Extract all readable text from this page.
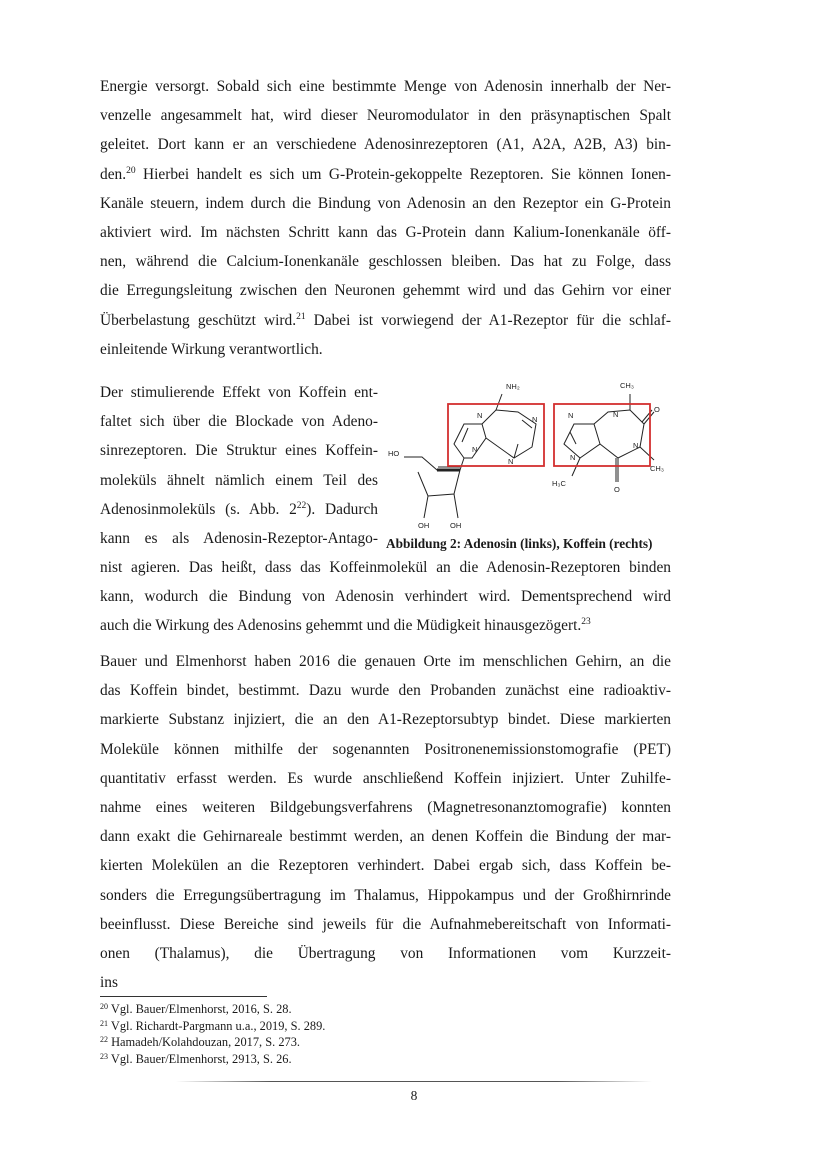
Energie versorgt. Sobald sich eine bestimmte Menge von Adenosin innerhalb der Ner-
venzelle angesammelt hat, wird dieser Neuromodulator in den präsynaptischen Spalt
geleitet. Dort kann er an verschiedene Adenosinrezeptoren (A1, A2A, A2B, A3) bin-
den.$^{20}$ Hierbei handelt es sich um G-Protein-gekoppelte Rezeptoren. Sie können Ionen-
Kanäle steuern, indem durch die Bindung von Adenosin an den Rezeptor ein G-Protein
aktiviert wird. Im nächsten Schritt kann das G-Protein dann Kalium-Ionenkanäle öff-
nen, während die Calcium-Ionenkanäle geschlossen bleiben. Das hat zu Folge, dass
die Erregungsleitung zwischen den Neuronen gehemmt wird und das Gehirn vor einer
Überbelastung geschützt wird.$^{21}$ Dabei ist vorwiegend der A1-Rezeptor für die schlaf-
einleitende Wirkung verantwortlich.
Der stimulierende Effekt von Koffein ent-
faltet sich über die Blockade von Adeno-
sinrezeptoren. Die Struktur eines Koffein-
moleküls ähnelt nämlich einem Teil des
Adenosinmoleküls (s. Abb. $2^{22}$). Dadurch
kann es als Adenosin-Rezeptor-Antago-
nist agieren. Das heißt, dass das Koffeinmolekül an die Adenosin-Rezeptoren binden
kann, wodurch die Bindung von Adenosin verhindert wird. Dementsprechend wird
auch die Wirkung des Adenosins gehemmt und die Müdigkeit hinausgezögert.$^{23}$
NH₂	CH₃
CH₃
H₃C
HO
OH	OH
N	N
N
N
N	N
N
N
O
O
Abbildung 2: Adenosin (links), Koffein (rechts)
Bauer und Elmenhorst haben 2016 die genauen Orte im menschlichen Gehirn, an die
das Koffein bindet, bestimmt. Dazu wurde den Probanden zunächst eine radioaktiv-
markierte Substanz injiziert, die an den A1-Rezeptorsubtyp bindet. Diese markierten
Moleküle können mithilfe der sogenannten Positronenemissionstomografie (PET)
quantitativ erfasst werden. Es wurde anschließend Koffein injiziert. Unter Zuhilfe-
nahme eines weiteren Bildgebungsverfahrens (Magnetresonanztomografie) konnten
dann exakt die Gehirnareale bestimmt werden, an denen Koffein die Bindung der mar-
kierten Molekülen an die Rezeptoren verhindert. Dabei ergab sich, dass Koffein be-
sonders die Erregungsübertragung im Thalamus, Hippokampus und der Großhirnrinde
beeinflusst. Diese Bereiche sind jeweils für die Aufnahmebereitschaft von Informati-
onen (Thalamus), die Übertragung von Informationen vom Kurzzeit- ins
$^{20}$ Vgl. Bauer/Elmenhorst, 2016, S. 28.
$^{21}$ Vgl. Richardt-Pargmann u.a., 2019, S. 289.
$^{22}$ Hamadeh/Kolahdouzan, 2017, S. 273.
$^{23}$ Vgl. Bauer/Elmenhorst, 2913, S. 26.
8
